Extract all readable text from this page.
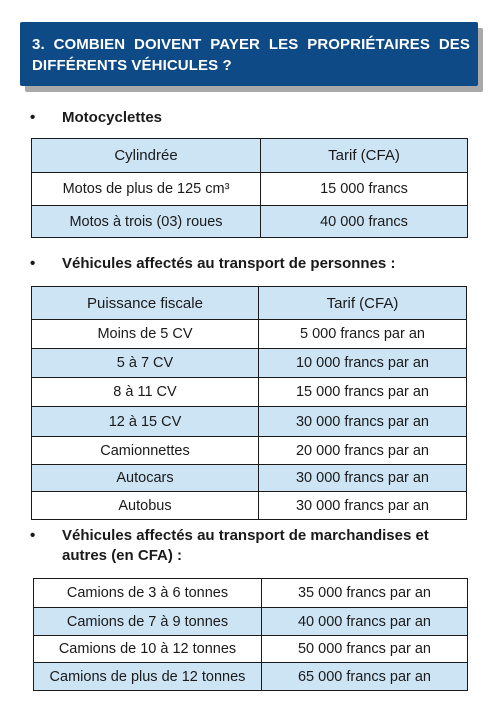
3. COMBIEN DOIVENT PAYER LES PROPRIÉTAIRES DES DIFFÉRENTS VÉHICULES ?
• Motocyclettes
Cylindrée	Tarif (CFA)
Motos de plus de 125 cm³	15 000 francs
Motos à trois (03) roues	40 000 francs
• Véhicules affectés au transport de personnes :
Puissance fiscale	Tarif (CFA)
Moins de 5 CV	5 000 francs par an
5 à 7 CV	10 000 francs par an
8 à 11 CV	15 000 francs par an
12 à 15 CV	30 000 francs par an
Camionnettes	20 000 francs par an
Autocars	30 000 francs par an
Autobus	30 000 francs par an
• Véhicules affectés au transport de marchandises et autres (en CFA) :
Camions de 3 à 6 tonnes	35 000 francs par an
Camions de 7 à 9 tonnes	40 000 francs par an
Camions de 10 à 12 tonnes	50 000 francs par an
Camions de plus de 12 tonnes	65 000 francs par an
